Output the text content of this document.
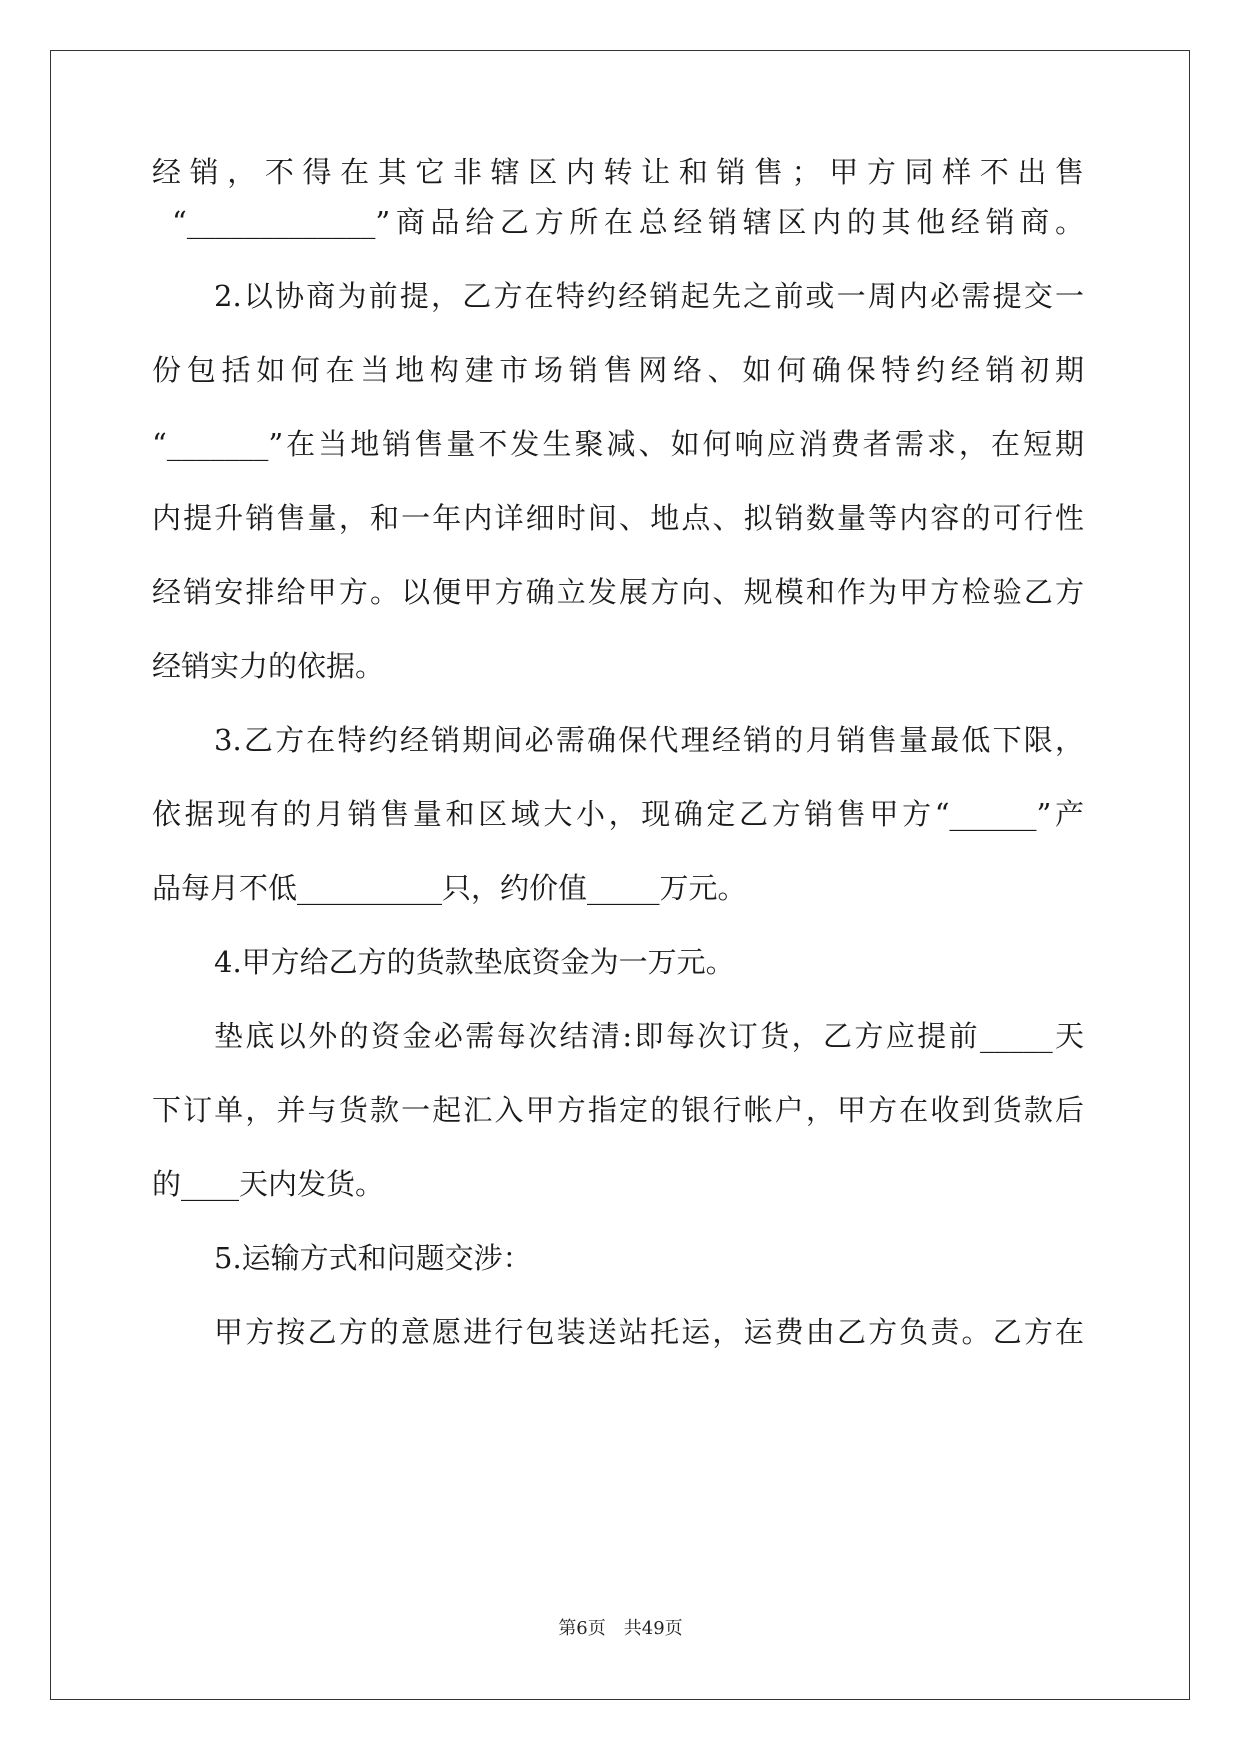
经销，不得在其它非辖区内转让和销售；甲方同样不出售
“_____________”商品给乙方所在总经销辖区内的其他经销商。
2.以协商为前提，乙方在特约经销起先之前或一周内必需提交一
份包括如何在当地构建市场销售网络、如何确保特约经销初期
“_______”在当地销售量不发生聚减、如何响应消费者需求，在短期
内提升销售量，和一年内详细时间、地点、拟销数量等内容的可行性
经销安排给甲方。以便甲方确立发展方向、规模和作为甲方检验乙方
经销实力的依据。
3.乙方在特约经销期间必需确保代理经销的月销售量最低下限，
依据现有的月销售量和区域大小，现确定乙方销售甲方“______”产
品每月不低__________只，约价值_____万元。
4.甲方给乙方的货款垫底资金为一万元。
垫底以外的资金必需每次结清:即每次订货，乙方应提前_____天
下订单，并与货款一起汇入甲方指定的银行帐户，甲方在收到货款后
的____天内发货。
5.运输方式和问题交涉：
甲方按乙方的意愿进行包装送站托运，运费由乙方负责。乙方在
第6页　共49页
